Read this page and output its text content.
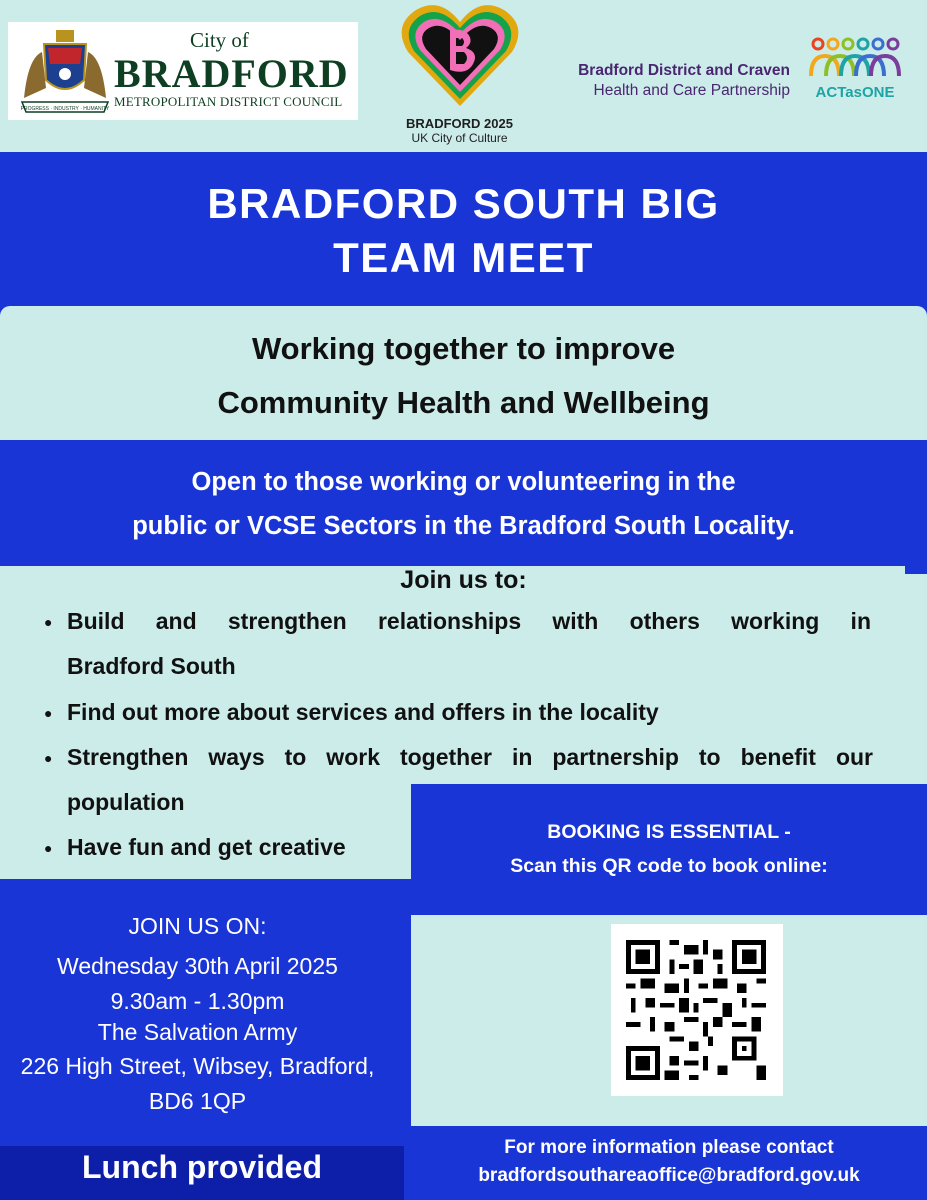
PROGRESS · INDUSTRY · HUMANITY
City of
BRADFORD
METROPOLITAN DISTRICT COUNCIL
BRADFORD 2025
UK City of Culture
Bradford District and Craven
Health and Care Partnership	ACTasONE
BRADFORD SOUTH BIG
TEAM MEET
Working together to improve
Community Health and Wellbeing
Open to those working or volunteering in the
public or VCSE Sectors in the Bradford South Locality.
Join us to:
● Build and strengthen relationships with others working in
Bradford South
● Find out more about services and offers in the locality
● Strengthen ways to work together in partnership to benefit our
population
● Have fun and get creative
BOOKING IS ESSENTIAL -
Scan this QR code to book online:
JOIN US ON:
Wednesday 30th April 2025
9.30am - 1.30pm
The Salvation Army
226 High Street, Wibsey, Bradford,
BD6 1QP
Lunch provided
For more information please contact
bradfordsouthareaoffice@bradford.gov.uk
